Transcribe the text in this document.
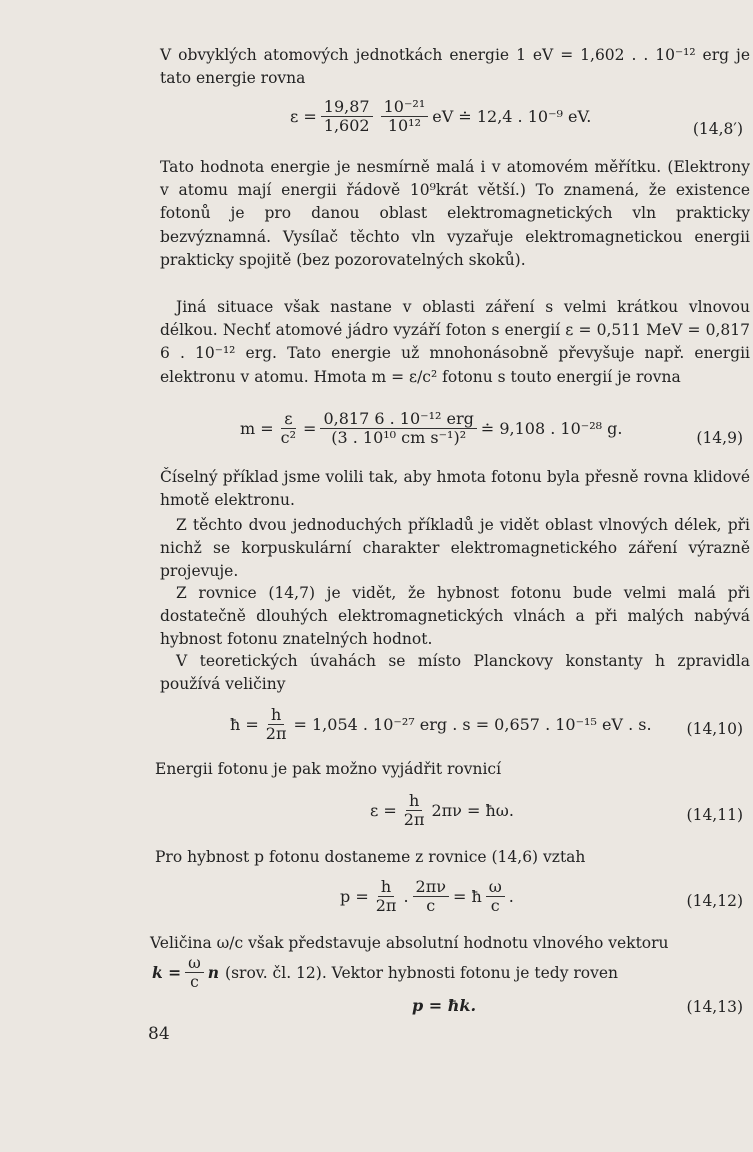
V obvyklých atomových jednotkách energie 1 eV = 1,602 . . 10⁻¹² erg je tato energie rovna

$\varepsilon = \frac{19,87}{1,602} \frac{\text{10⁻²¹}}{\text{10¹²}}$ eV ≐ 12,4 . 10⁻⁹ eV.
(14,8′)

Tato hodnota energie je nesmírně malá i v atomovém měřítku. (Elektrony v atomu mají energii řádově 10⁹krát větší.) To znamená, že existence fotonů je pro danou oblast elektromagnetických vln prakticky bezvýznamná. Vysílač těchto vln vyzařuje elektromagnetickou energii prakticky spojitě (bez pozorovatelných skoků).

Jiná situace však nastane v oblasti záření s velmi krátkou vlnovou délkou. Nechť atomové jádro vyzáří foton s energií ε = 0,511 MeV = 0,817 6 . 10⁻¹² erg. Tato energie už mnohonásobně převyšuje např. energii elektronu v atomu. Hmota m = ε/c² fotonu s touto energií je rovna

$m = \frac{\varepsilon}{\text{c²}} = \frac{\text{0,817 6 . 10⁻¹² erg}}{\text{(3 . 10¹⁰ cm s⁻¹)²}}$ ≐ 9,108 . 10⁻²⁸ g.	(14,9)

Číselný příklad jsme volili tak, aby hmota fotonu byla přesně rovna klidové hmotě elektronu.

Z těchto dvou jednoduchých příkladů je vidět oblast vlnových délek, při nichž se korpuskulární charakter elektromagnetického záření výrazně projevuje.

Z rovnice (14,7) je vidět, že hybnost fotonu bude velmi malá při dostatečně dlouhých elektromagnetických vlnách a při malých nabývá hybnost fotonu znatelných hodnot.

V teoretických úvahách se místo Planckovy konstanty h zpravidla používá veličiny

ħ = $\frac{h}{2\pi} = 1,054$ . 10⁻²⁷ erg . s = 0,657 . 10⁻¹⁵ eV . s. (14,10)

Energii fotonu je pak možno vyjádřit rovnicí

$\varepsilon = \frac{h}{2\pi} 2\pi\nu$ = ħω.	(14,11)

Pro hybnost p fotonu dostaneme z rovnice (14,6) vztah

$p = \frac{h}{2\pi}$ . $\frac{2\pi\nu}{c}$ = ħ $\frac{\omega}{c}$ .	(14,12)

Veličina ω/c však představuje absolutní hodnotu vlnového vektoru

$k = \frac{\omega}{c}$ n (srov. čl. 12). Vektor hybnosti fotonu je tedy roven
p = ħk.	(14,13)
84
